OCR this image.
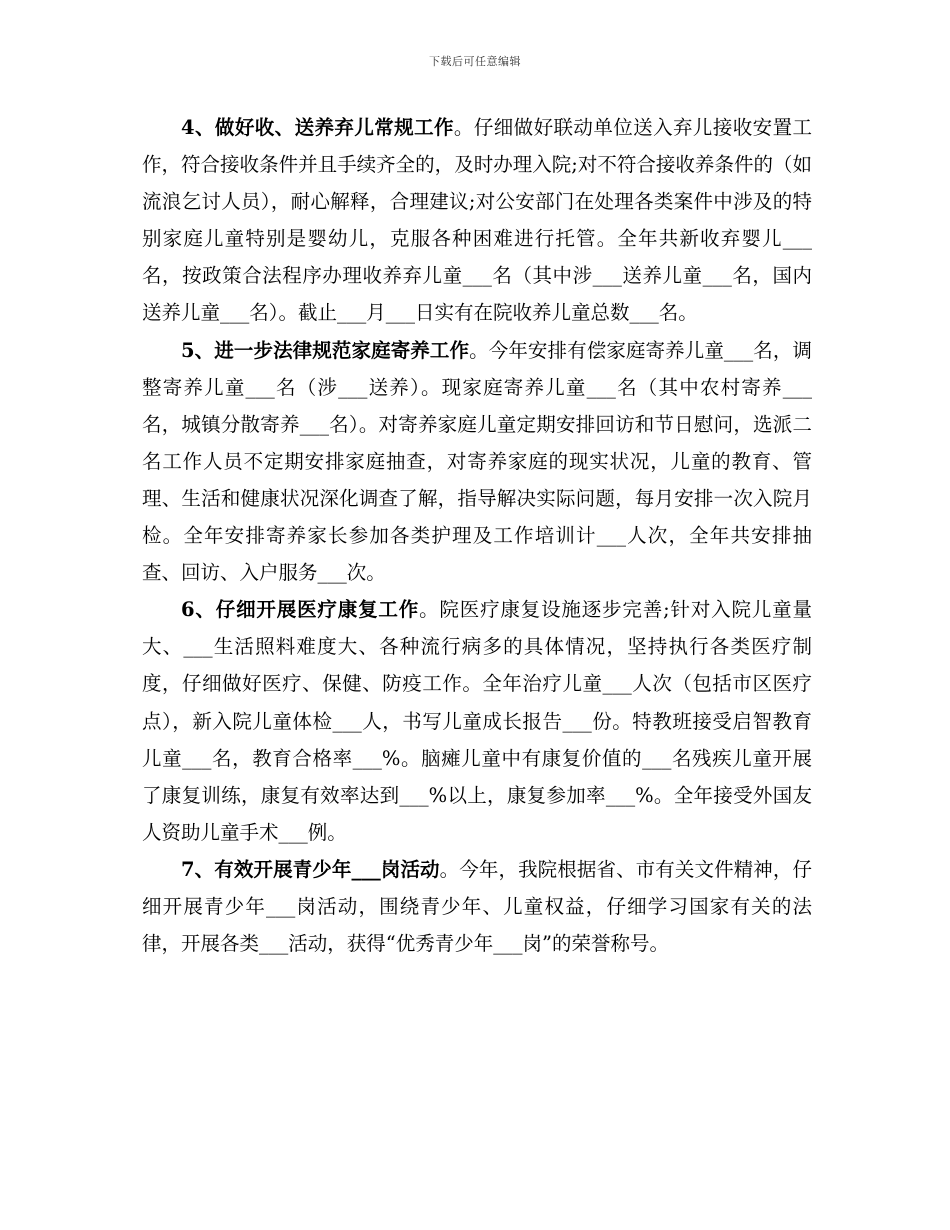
下载后可任意编辑

4、做好收、送养弃儿常规工作。仔细做好联动单位送入弃儿接收安置工作，符合接收条件并且手续齐全的，及时办理入院;对不符合接收养条件的（如流浪乞讨人员），耐心解释，合理建议;对公安部门在处理各类案件中涉及的特别家庭儿童特别是婴幼儿，克服各种困难进行托管。全年共新收弃婴儿___名，按政策合法程序办理收养弃儿童___名（其中涉___送养儿童___名，国内送养儿童___名）。截止___月___日实有在院收养儿童总数___名。

5、进一步法律规范家庭寄养工作。今年安排有偿家庭寄养儿童___名，调整寄养儿童___名（涉___送养）。现家庭寄养儿童___名（其中农村寄养___名，城镇分散寄养___名）。对寄养家庭儿童定期安排回访和节日慰问，选派二名工作人员不定期安排家庭抽查，对寄养家庭的现实状况，儿童的教育、管理、生活和健康状况深化调查了解，指导解决实际问题，每月安排一次入院月检。全年安排寄养家长参加各类护理及工作培训计___人次，全年共安排抽查、回访、入户服务___次。

6、仔细开展医疗康复工作。院医疗康复设施逐步完善;针对入院儿童量大、___生活照料难度大、各种流行病多的具体情况，坚持执行各类医疗制度，仔细做好医疗、保健、防疫工作。全年治疗儿童___人次（包括市区医疗点），新入院儿童体检___人，书写儿童成长报告___份。特教班接受启智教育儿童___名，教育合格率___%。脑瘫儿童中有康复价值的___名残疾儿童开展了康复训练，康复有效率达到___%以上，康复参加率___%。全年接受外国友人资助儿童手术___例。

7、有效开展青少年___岗活动。今年，我院根据省、市有关文件精神，仔细开展青少年___岗活动，围绕青少年、儿童权益，仔细学习国家有关的法律，开展各类___活动，获得“优秀青少年___岗”的荣誉称号。
